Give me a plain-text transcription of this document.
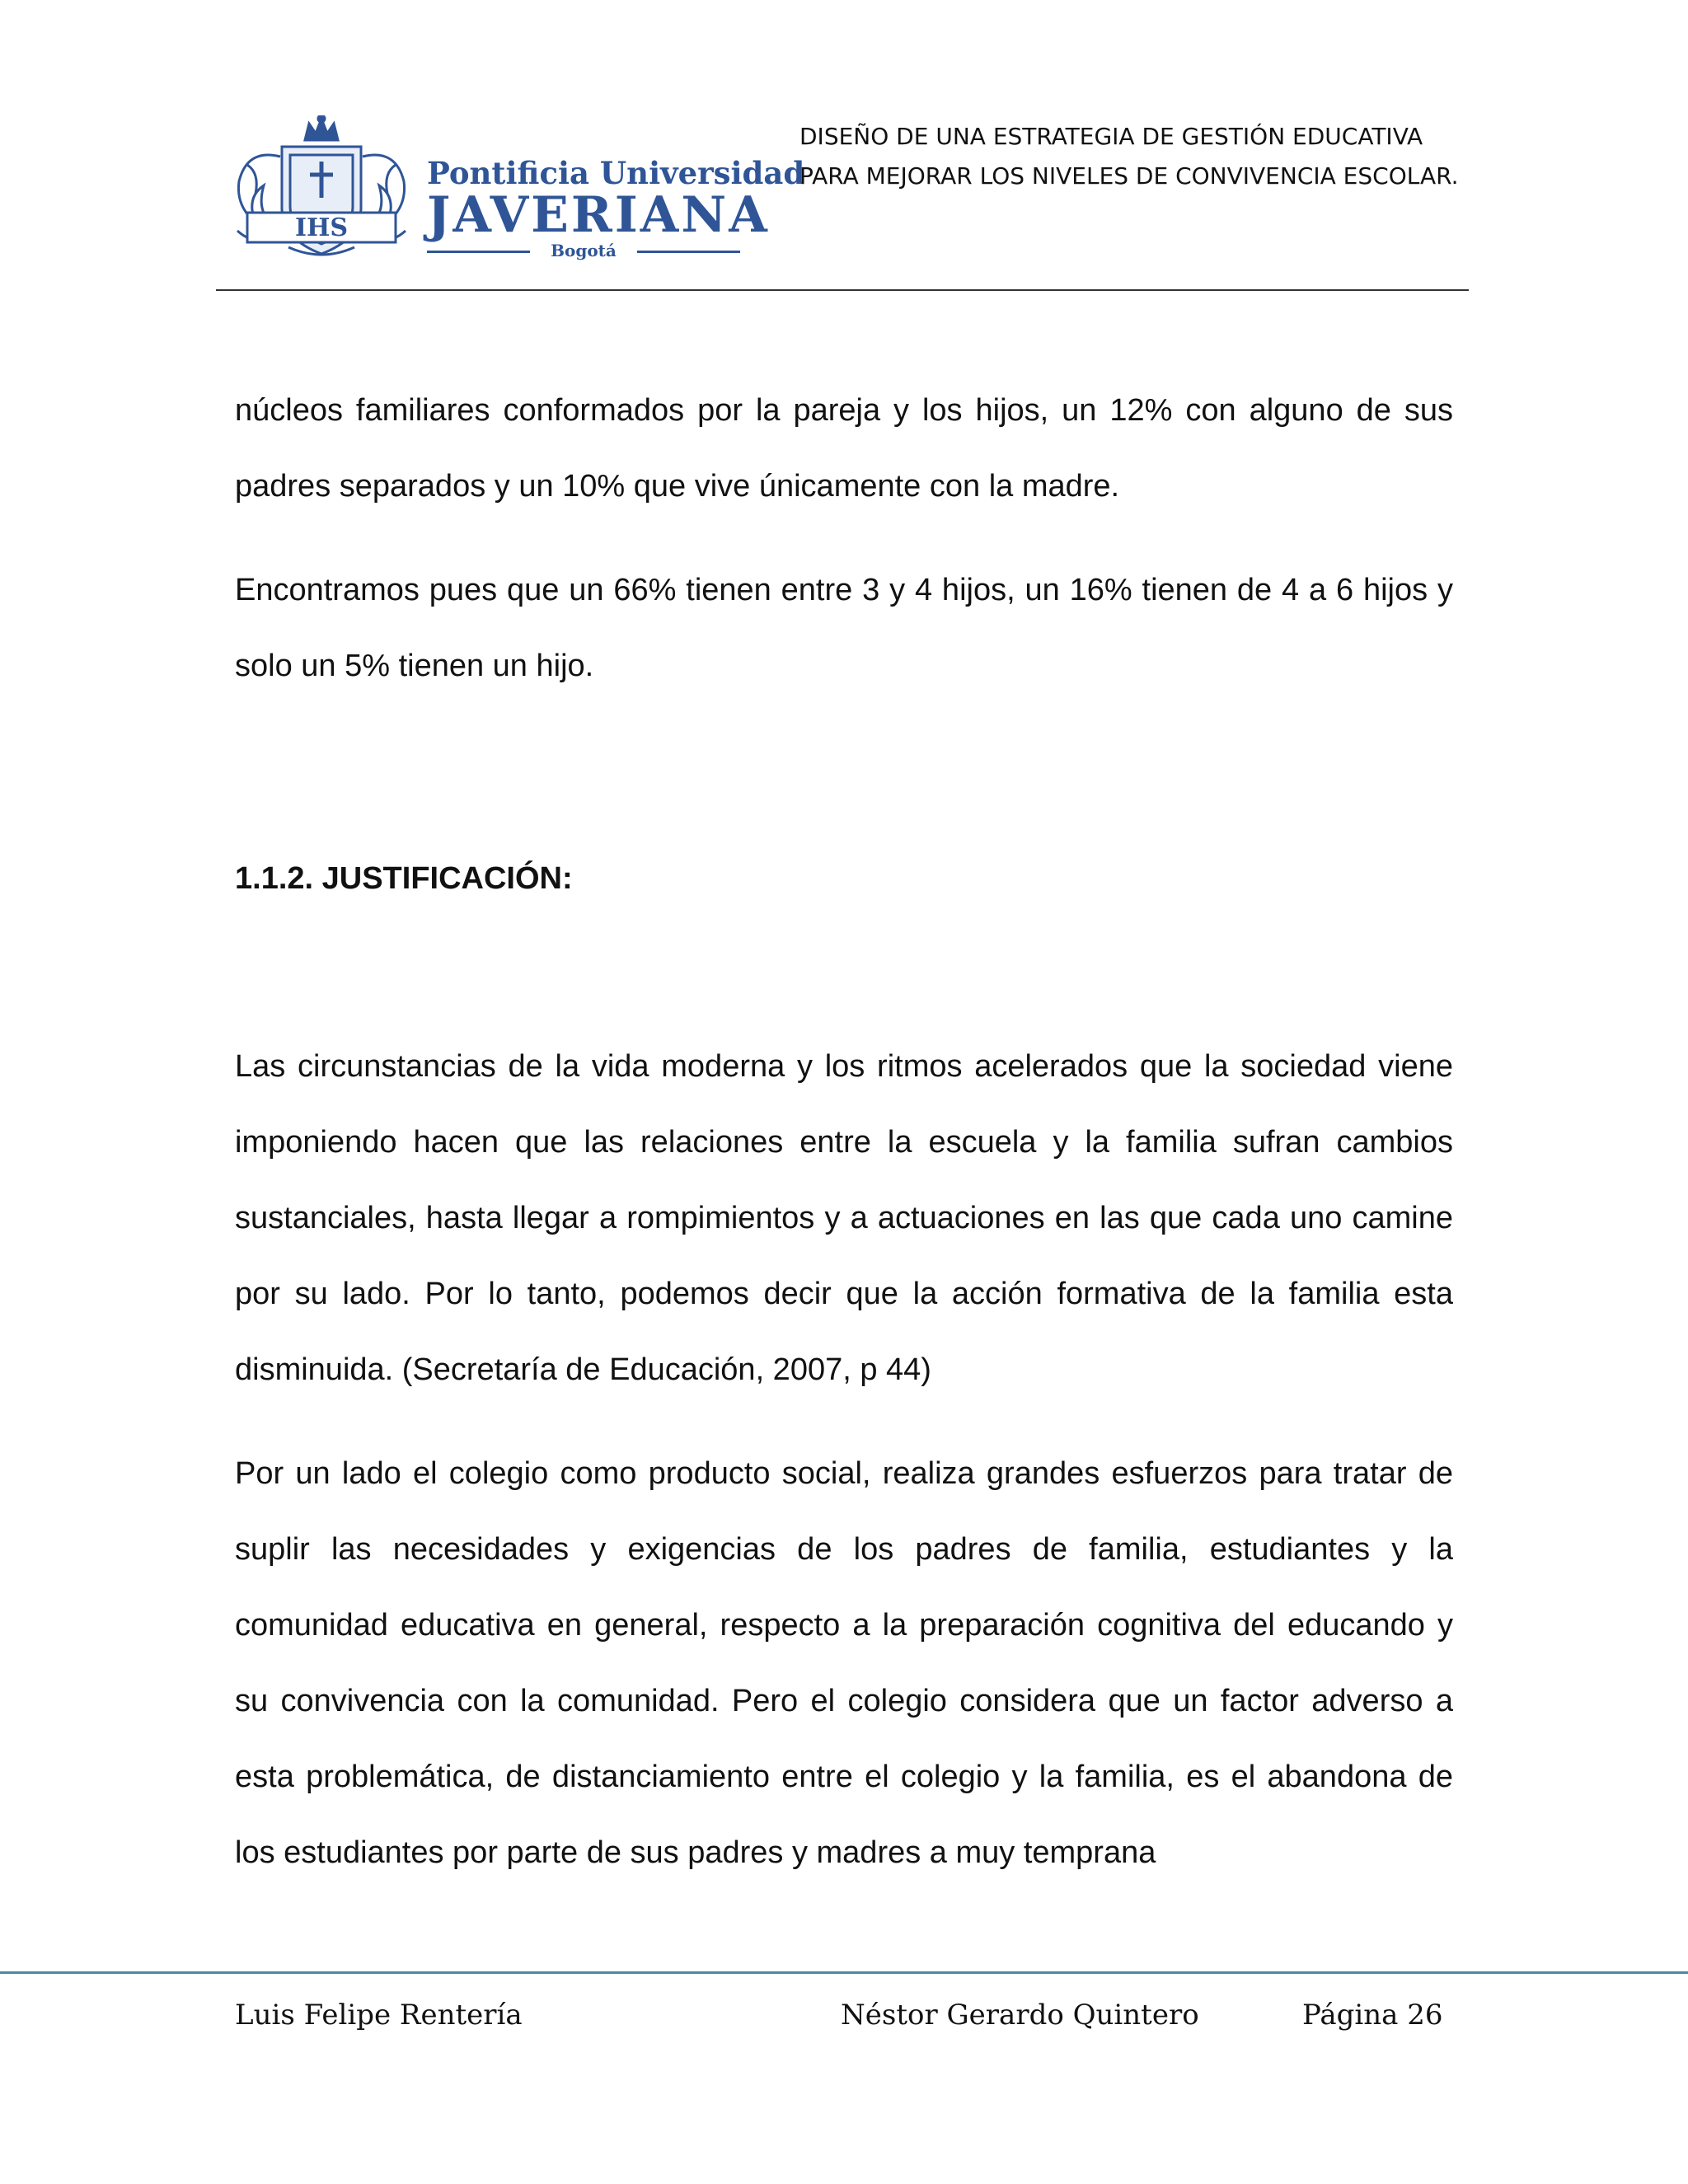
IHS
Pontificia Universidad
JAVERIANA
Bogotá
DISEÑO DE UNA ESTRATEGIA DE GESTIÓN EDUCATIVA
PARA MEJORAR LOS NIVELES DE CONVIVENCIA ESCOLAR.

núcleos familiares conformados por la pareja y los hijos, un 12% con alguno de sus padres separados y un 10% que vive únicamente con la madre.

Encontramos pues que un 66% tienen entre 3 y 4 hijos, un 16% tienen de 4 a 6 hijos y solo un 5% tienen un hijo.

1.1.2. JUSTIFICACIÓN:

Las circunstancias de la vida moderna y los ritmos acelerados que la sociedad viene imponiendo hacen que las relaciones entre la escuela y la familia sufran cambios sustanciales, hasta llegar a rompimientos y a actuaciones en las que cada uno camine por su lado. Por lo tanto, podemos decir que la acción formativa de la familia esta disminuida. (Secretaría de Educación, 2007, p 44)

Por un lado el colegio como producto social, realiza grandes esfuerzos para tratar de suplir las necesidades y exigencias de los padres de familia, estudiantes y la comunidad educativa en general, respecto a la preparación cognitiva del educando y su convivencia con la comunidad. Pero el colegio considera que un factor adverso a esta problemática, de distanciamiento entre el colegio y la familia, es el abandona de los estudiantes por parte de sus padres y madres a muy temprana

Luis Felipe Rentería	Néstor Gerardo Quintero	Página 26
